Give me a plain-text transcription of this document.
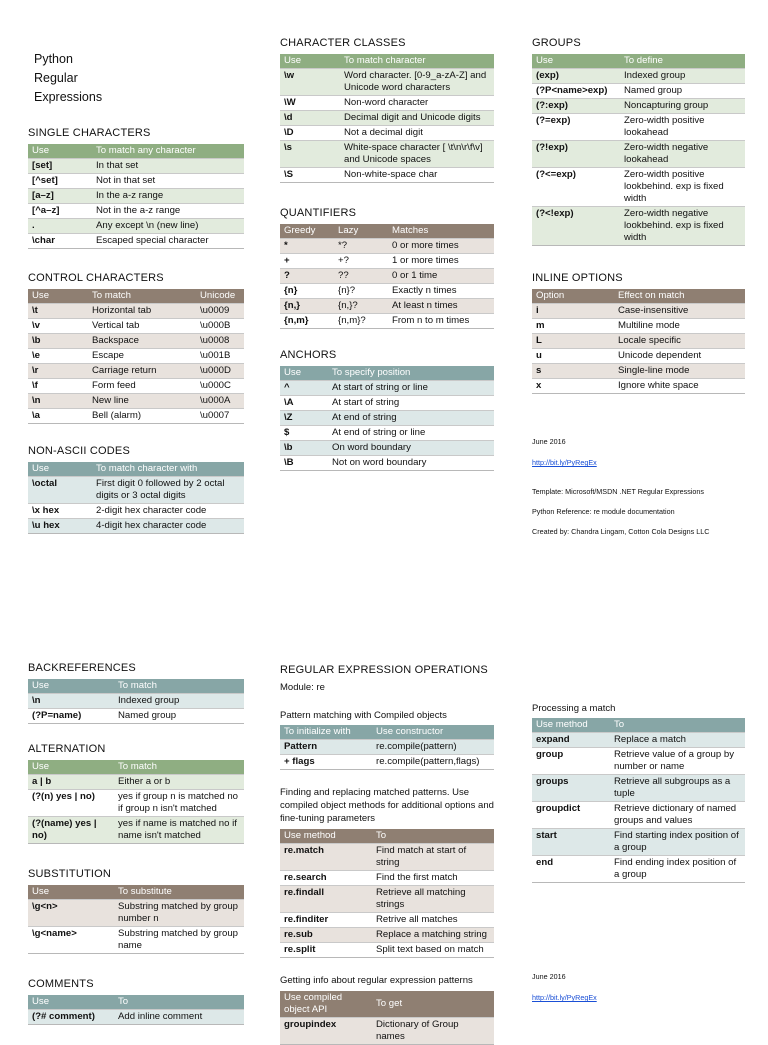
Python
Regular
Expressions
SINGLE CHARACTERS
Use	To match any character
[set]	In that set
[^set]	Not in that set
[a–z]	In the a-z range
[^a–z]	Not in the a-z range
.	Any except \n (new line)
\char	Escaped special character
CONTROL CHARACTERS
Use	To match	Unicode
\t	Horizontal tab	\u0009
\v	Vertical tab	\u000B
\b	Backspace	\u0008
\e	Escape	\u001B
\r	Carriage return	\u000D
\f	Form feed	\u000C
\n	New line	\u000A
\a	Bell (alarm)	\u0007
NON-ASCII CODES
Use	To match character with
\octal	First digit 0 followed by 2 octal digits or 3 octal digits
\x hex	2-digit hex character code
\u hex	4-digit hex character code
CHARACTER CLASSES
Use	To match character
\w	Word character. [0-9_a-zA-Z] and Unicode word characters
\W	Non-word character
\d	Decimal digit and Unicode digits
\D	Not a decimal digit
\s	White-space character [ \t\n\r\f\v] and Unicode spaces
\S	Non-white-space char
QUANTIFIERS
Greedy	Lazy	Matches
*	*?	0 or more times
+	+?	1 or more times
?	??	0 or 1 time
{n}	{n}?	Exactly n times
{n,}	{n,}?	At least n times
{n,m}	{n,m}?	From n to m times
ANCHORS
Use	To specify position
^	At start of string or line
\A	At start of string
\Z	At end of string
$	At end of string or line
\b	On word boundary
\B	Not on word boundary
GROUPS
Use	To define
(exp)	Indexed group
(?P<name>exp)	Named group
(?:exp)	Noncapturing group
(?=exp)	Zero-width positive lookahead
(?!exp)	Zero-width negative lookahead
(?<=exp)	Zero-width positive lookbehind. exp is fixed width
(?<!exp)	Zero-width negative lookbehind. exp is fixed width
INLINE OPTIONS
Option	Effect on match
i	Case-insensitive
m	Multiline mode
L	Locale specific
u	Unicode dependent
s	Single-line mode
x	Ignore white space
June 2016
http://bit.ly/PyRegEx
Template: Microsoft/MSDN .NET Regular Expressions
Python Reference: re module documentation
Created by: Chandra Lingam, Cotton Cola Designs LLC
BACKREFERENCES
Use	To match
\n	Indexed group
(?P=name)	Named group
ALTERNATION
Use	To match
a | b	Either a or b
(?(n) yes | no)	yes if group n is matched no if group n isn't matched
(?(name) yes | no)	yes if name is matched no if name isn't matched
SUBSTITUTION
Use	To substitute
\g<n>	Substring matched by group number n
\g<name>	Substring matched by group name
COMMENTS
Use	To
(?# comment)	Add inline comment
REGULAR EXPRESSION OPERATIONS
Module: re
Pattern matching with Compiled objects
To initialize with	Use constructor
Pattern	re.compile(pattern)
+ flags	re.compile(pattern,flags)
Finding and replacing matched patterns. Use compiled object methods for additional options and fine-tuning parameters
Use method	To
re.match	Find match at start of string
re.search	Find the first match
re.findall	Retrieve all matching strings
re.finditer	Retrive all matches
re.sub	Replace a matching string
re.split	Split text based on match
Getting info about regular expression patterns
Use compiled object API	To get
groupindex	Dictionary of Group names
Processing a match
Use method	To
expand	Replace a match
group	Retrieve value of a group by number or name
groups	Retrieve all subgroups as a tuple
groupdict	Retrieve dictionary of named groups and values
start	Find starting index position of a group
end	Find ending index position of a group
June 2016
http://bit.ly/PyRegEx
